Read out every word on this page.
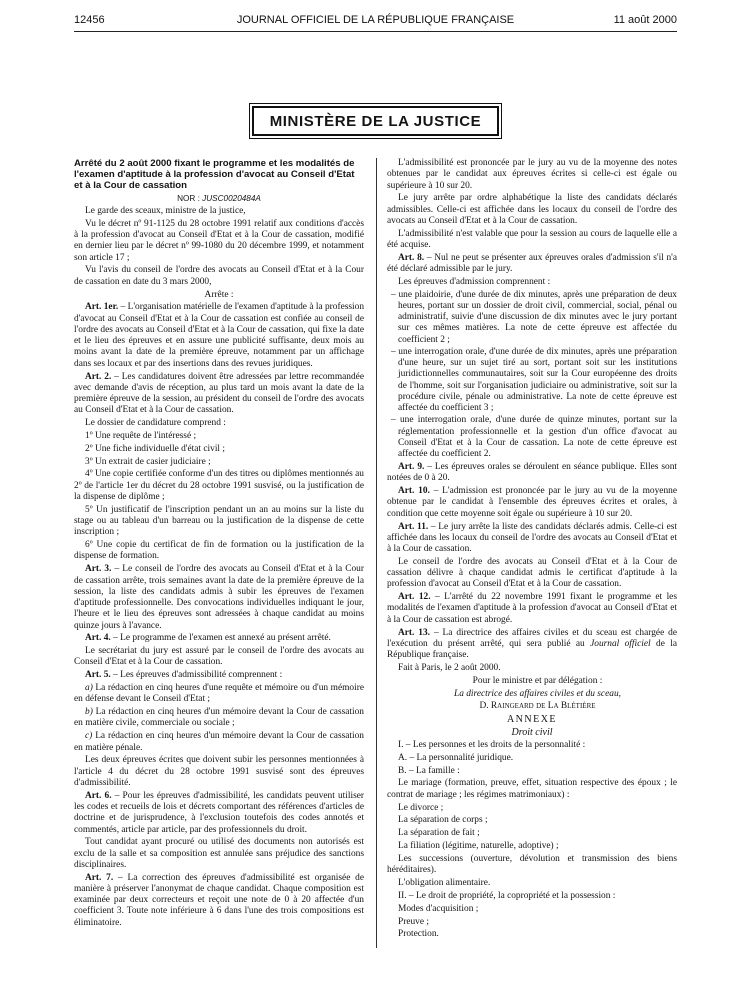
12456	JOURNAL OFFICIEL DE LA RÉPUBLIQUE FRANÇAISE	11 août 2000
MINISTÈRE DE LA JUSTICE

Arrêté du 2 août 2000 fixant le programme et les modalités de l'examen d'aptitude à la profession d'avocat au Conseil d'Etat et à la Cour de cassation

NOR : JUSC0020484A

Le garde des sceaux, ministre de la justice,

Vu le décret nº 91-1125 du 28 octobre 1991 relatif aux conditions d'accès à la profession d'avocat au Conseil d'Etat et à la Cour de cassation, modifié en dernier lieu par le décret nº 99-1080 du 20 décembre 1999, et notamment son article 17 ;

Vu l'avis du conseil de l'ordre des avocats au Conseil d'Etat et à la Cour de cassation en date du 3 mars 2000,

Arrête :

Art. 1er. – L'organisation matérielle de l'examen d'aptitude à la profession d'avocat au Conseil d'Etat et à la Cour de cassation est confiée au conseil de l'ordre des avocats au Conseil d'Etat et à la Cour de cassation, qui fixe la date et le lieu des épreuves et en assure une publicité suffisante, deux mois au moins avant la date de la première épreuve, notamment par un affichage dans ses locaux et par des insertions dans des revues juridiques.

Art. 2. – Les candidatures doivent être adressées par lettre recommandée avec demande d'avis de réception, au plus tard un mois avant la date de la première épreuve de la session, au président du conseil de l'ordre des avocats au Conseil d'Etat et à la Cour de cassation.

Le dossier de candidature comprend :

1º Une requête de l'intéressé ;

2º Une fiche individuelle d'état civil ;

3º Un extrait de casier judiciaire ;

4º Une copie certifiée conforme d'un des titres ou diplômes mentionnés au 2º de l'article 1er du décret du 28 octobre 1991 susvisé, ou la justification de la dispense de diplôme ;

5º Un justificatif de l'inscription pendant un an au moins sur la liste du stage ou au tableau d'un barreau ou la justification de la dispense de cette inscription ;

6º Une copie du certificat de fin de formation ou la justification de la dispense de formation.

Art. 3. – Le conseil de l'ordre des avocats au Conseil d'Etat et à la Cour de cassation arrête, trois semaines avant la date de la première épreuve de la session, la liste des candidats admis à subir les épreuves de l'examen d'aptitude professionnelle. Des convocations individuelles indiquant le jour, l'heure et le lieu des épreuves sont adressées à chaque candidat au moins quinze jours à l'avance.

Art. 4. – Le programme de l'examen est annexé au présent arrêté.

Le secrétariat du jury est assuré par le conseil de l'ordre des avocats au Conseil d'Etat et à la Cour de cassation.

Art. 5. – Les épreuves d'admissibilité comprennent :

a) La rédaction en cinq heures d'une requête et mémoire ou d'un mémoire en défense devant le Conseil d'Etat ;

b) La rédaction en cinq heures d'un mémoire devant la Cour de cassation en matière civile, commerciale ou sociale ;

c) La rédaction en cinq heures d'un mémoire devant la Cour de cassation en matière pénale.

Les deux épreuves écrites que doivent subir les personnes mentionnées à l'article 4 du décret du 28 octobre 1991 susvisé sont des épreuves d'admissibilité.

Art. 6. – Pour les épreuves d'admissibilité, les candidats peuvent utiliser les codes et recueils de lois et décrets comportant des références d'articles de doctrine et de jurisprudence, à l'exclusion toutefois des codes annotés et commentés, article par article, par des professionnels du droit.

Tout candidat ayant procuré ou utilisé des documents non autorisés est exclu de la salle et sa composition est annulée sans préjudice des sanctions disciplinaires.

Art. 7. – La correction des épreuves d'admissibilité est organisée de manière à préserver l'anonymat de chaque candidat. Chaque composition est examinée par deux correcteurs et reçoit une note de 0 à 20 affectée d'un coefficient 3. Toute note inférieure à 6 dans l'une des trois compositions est éliminatoire.

L'admissibilité est prononcée par le jury au vu de la moyenne des notes obtenues par le candidat aux épreuves écrites si celle-ci est égale ou supérieure à 10 sur 20.

Le jury arrête par ordre alphabétique la liste des candidats déclarés admissibles. Celle-ci est affichée dans les locaux du conseil de l'ordre des avocats au Conseil d'Etat et à la Cour de cassation.

L'admissibilité n'est valable que pour la session au cours de laquelle elle a été acquise.

Art. 8. – Nul ne peut se présenter aux épreuves orales d'admission s'il n'a été déclaré admissible par le jury.

Les épreuves d'admission comprennent :

– une plaidoirie, d'une durée de dix minutes, après une préparation de deux heures, portant sur un dossier de droit civil, commercial, social, pénal ou administratif, suivie d'une discussion de dix minutes avec le jury portant sur ces mêmes matières. La note de cette épreuve est affectée du coefficient 2 ;
– une interrogation orale, d'une durée de dix minutes, après une préparation d'une heure, sur un sujet tiré au sort, portant soit sur les institutions juridictionnelles communautaires, soit sur la Cour européenne des droits de l'homme, soit sur l'organisation judiciaire ou administrative, soit sur la procédure civile, pénale ou administrative. La note de cette épreuve est affectée du coefficient 3 ;
– une interrogation orale, d'une durée de quinze minutes, portant sur la réglementation professionnelle et la gestion d'un office d'avocat au Conseil d'Etat et à la Cour de cassation. La note de cette épreuve est affectée du coefficient 2.

Art. 9. – Les épreuves orales se déroulent en séance publique. Elles sont notées de 0 à 20.

Art. 10. – L'admission est prononcée par le jury au vu de la moyenne obtenue par le candidat à l'ensemble des épreuves écrites et orales, à condition que cette moyenne soit égale ou supérieure à 10 sur 20.

Art. 11. – Le jury arrête la liste des candidats déclarés admis. Celle-ci est affichée dans les locaux du conseil de l'ordre des avocats au Conseil d'Etat et à la Cour de cassation.

Le conseil de l'ordre des avocats au Conseil d'Etat et à la Cour de cassation délivre à chaque candidat admis le certificat d'aptitude à la profession d'avocat au Conseil d'Etat et à la Cour de cassation.

Art. 12. – L'arrêté du 22 novembre 1991 fixant le programme et les modalités de l'examen d'aptitude à la profession d'avocat au Conseil d'Etat et à la Cour de cassation est abrogé.

Art. 13. – La directrice des affaires civiles et du sceau est chargée de l'exécution du présent arrêté, qui sera publié au Journal officiel de la République française.

Fait à Paris, le 2 août 2000.

Pour le ministre et par délégation :

La directrice des affaires civiles et du sceau,

D. Raingeard de La Blétière

ANNEXE

Droit civil

I. – Les personnes et les droits de la personnalité :

A. – La personnalité juridique.

B. – La famille :

Le mariage (formation, preuve, effet, situation respective des époux ; le contrat de mariage ; les régimes matrimoniaux) :

Le divorce ;

La séparation de corps ;

La séparation de fait ;

La filiation (légitime, naturelle, adoptive) ;

Les successions (ouverture, dévolution et transmission des biens héréditaires).

L'obligation alimentaire.

II. – Le droit de propriété, la copropriété et la possession :

Modes d'acquisition ;

Preuve ;

Protection.
